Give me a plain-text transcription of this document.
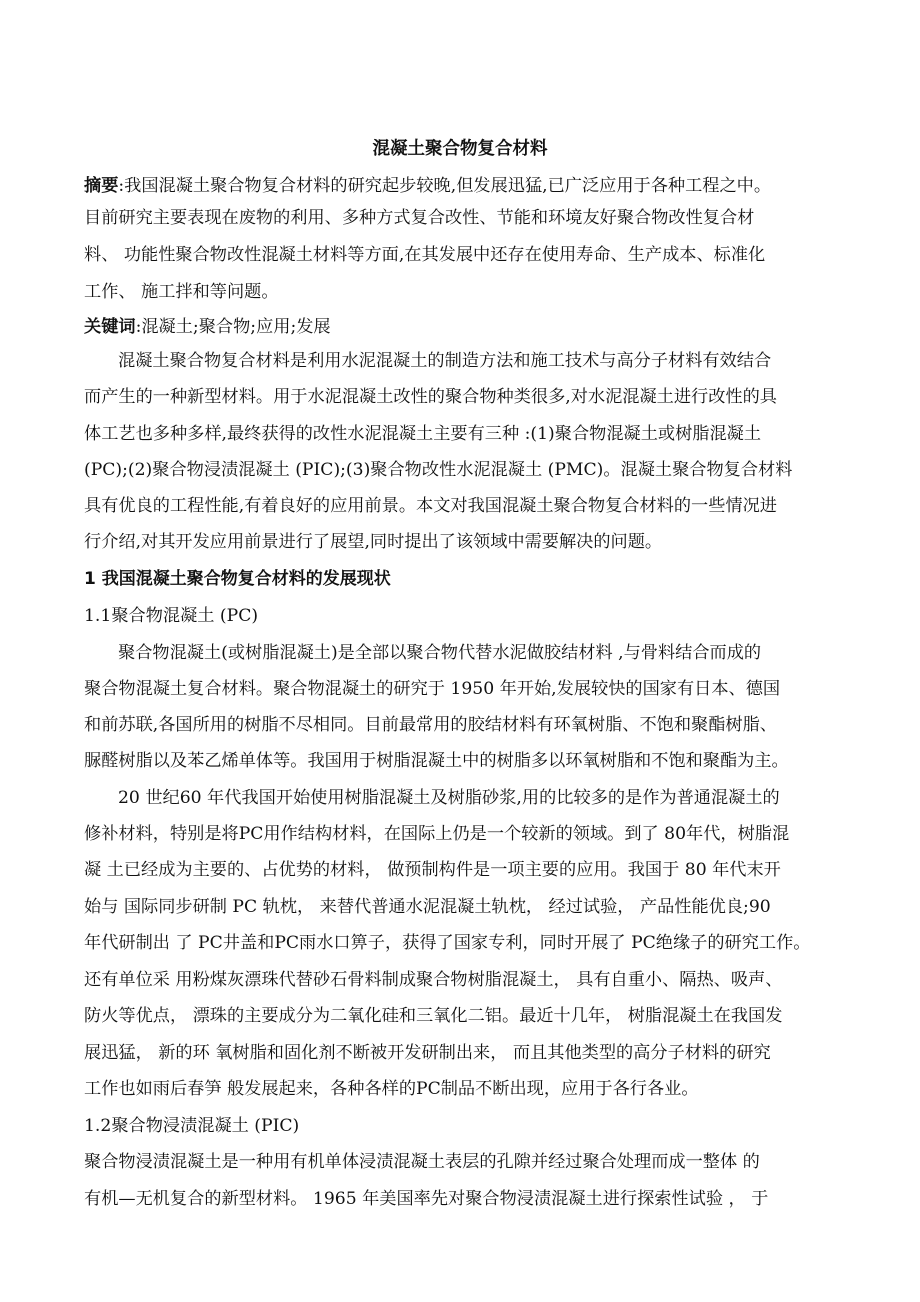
混凝土聚合物复合材料
摘要:我国混凝土聚合物复合材料的研究起步较晚,但发展迅猛,已广泛应用于各种工程之中。
目前研究主要表现在废物的利用、多种方式复合改性、节能和环境友好聚合物改性复合材
料、 功能性聚合物改性混凝土材料等方面,在其发展中还存在使用寿命、生产成本、标准化
工作、 施工拌和等问题。
关键词:混凝土;聚合物;应用;发展
混凝土聚合物复合材料是利用水泥混凝土的制造方法和施工技术与高分子材料有效结合
而产生的一种新型材料。用于水泥混凝土改性的聚合物种类很多,对水泥混凝土进行改性的具
体工艺也多种多样,最终获得的改性水泥混凝土主要有三种 :(1)聚合物混凝土或树脂混凝土
(PC);(2)聚合物浸渍混凝土 (PIC);(3)聚合物改性水泥混凝土 (PMC)。混凝土聚合物复合材料
具有优良的工程性能,有着良好的应用前景。本文对我国混凝土聚合物复合材料的一些情况进
行介绍,对其开发应用前景进行了展望,同时提出了该领域中需要解决的问题。
1 我国混凝土聚合物复合材料的发展现状
1.1聚合物混凝土 (PC)
聚合物混凝土(或树脂混凝土)是全部以聚合物代替水泥做胶结材料 ,与骨料结合而成的
聚合物混凝土复合材料。聚合物混凝土的研究于 1950 年开始,发展较快的国家有日本、德国
和前苏联,各国所用的树脂不尽相同。目前最常用的胶结材料有环氧树脂、不饱和聚酯树脂、
脲醛树脂以及苯乙烯单体等。我国用于树脂混凝土中的树脂多以环氧树脂和不饱和聚酯为主。
20 世纪60 年代我国开始使用树脂混凝土及树脂砂浆,用的比较多的是作为普通混凝土的
修补材料，特别是将PC用作结构材料，在国际上仍是一个较新的领域。到了 80年代，树脂混
凝 土已经成为主要的、占优势的材料， 做预制构件是一项主要的应用。我国于 80 年代末开
始与 国际同步研制 PC 轨枕， 来替代普通水泥混凝土轨枕， 经过试验， 产品性能优良;90
年代研制出 了 PC井盖和PC雨水口箅子，获得了国家专利，同时开展了 PC绝缘子的研究工作。
还有单位采 用粉煤灰漂珠代替砂石骨料制成聚合物树脂混凝土， 具有自重小、隔热、吸声、
防火等优点， 漂珠的主要成分为二氧化硅和三氧化二铝。最近十几年， 树脂混凝土在我国发
展迅猛， 新的环 氧树脂和固化剂不断被开发研制出来， 而且其他类型的高分子材料的研究
工作也如雨后春笋 般发展起来，各种各样的PC制品不断出现，应用于各行各业。
1.2聚合物浸渍混凝土 (PIC)
聚合物浸渍混凝土是一种用有机单体浸渍混凝土表层的孔隙并经过聚合处理而成一整体 的
有机—无机复合的新型材料。 1965 年美国率先对聚合物浸渍混凝土进行探索性试验 ， 于
